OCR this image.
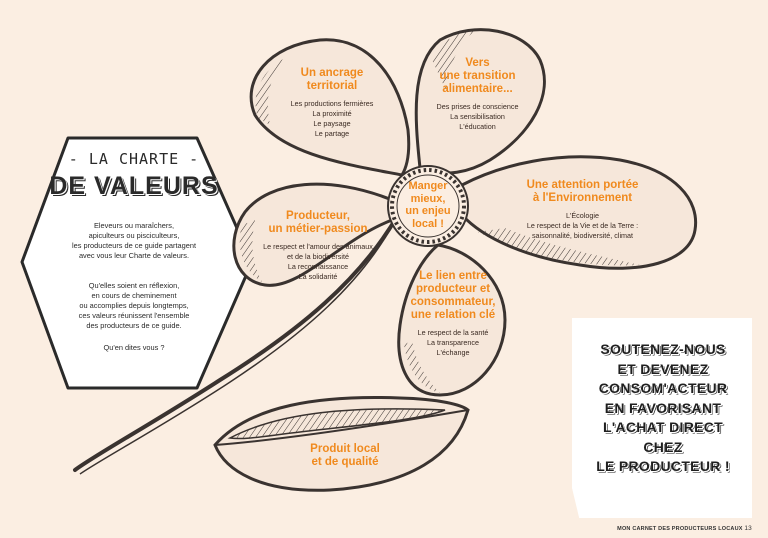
- LA CHARTE -
DE VALEURS
Eleveurs ou maraîchers,
apiculteurs ou pisciculteurs,
les producteurs de ce guide partagent
avec vous leur Charte de valeurs.
Qu'elles soient en réflexion,
en cours de cheminement
ou accomplies depuis longtemps,
ces valeurs réunissent l'ensemble
des producteurs de ce guide.
Qu'en dites vous ?
Un ancrage
territorial
Les productions fermières
La proximité
Le paysage
Le partage
Vers
une transition
alimentaire...
Des prises de conscience
La sensibilisation
L'éducation
Une attention portée
à l'Environnement
L'Écologie
Le respect de la Vie et de la Terre :
saisonnalité, biodiversité, climat
Producteur,
un métier-passion
Le respect et l'amour des animaux
et de la biodiversité
La reconnaissance
La solidarité	Le lien entre
producteur et
consommateur,
une relation clé
Le respect de la santé
La transparence
L'échange
Manger
mieux,
un enjeu
local !
Produit local
et de qualité
SOUTENEZ-NOUS
ET DEVENEZ
CONSOM'ACTEUR
EN FAVORISANT
L'ACHAT DIRECT
CHEZ
LE PRODUCTEUR !
MON CARNET DES PRODUCTEURS LOCAUX 13
